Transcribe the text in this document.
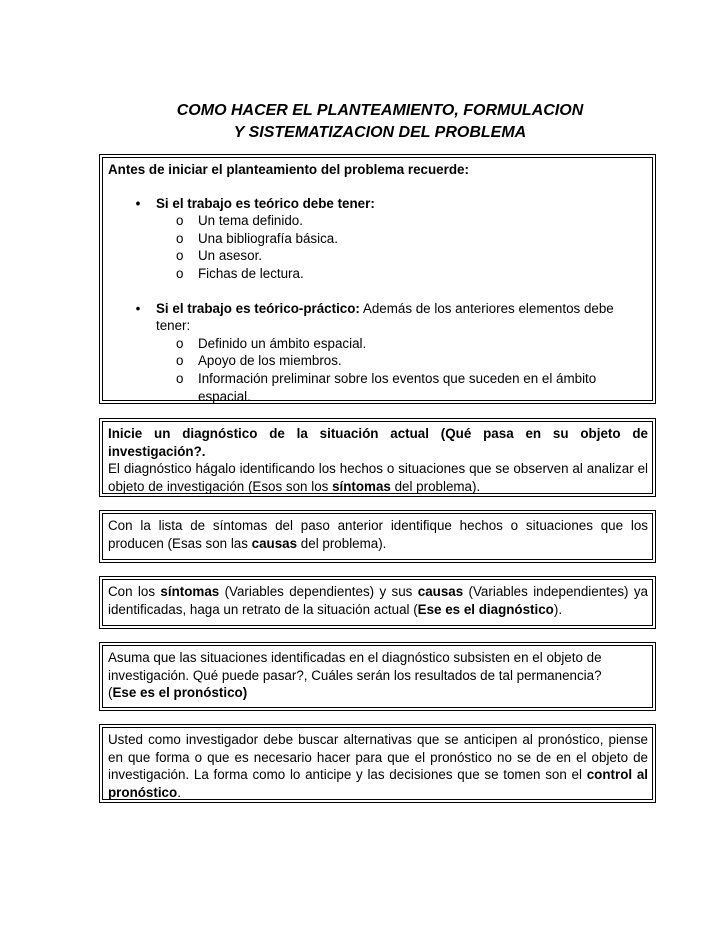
COMO HACER EL PLANTEAMIENTO, FORMULACION
Y SISTEMATIZACION DEL PROBLEMA
Antes de iniciar el planteamiento del problema recuerde:
• Si el trabajo es teórico debe tener:
o Un tema definido.
o Una bibliografía básica.
o Un asesor.
o Fichas de lectura.
• Si el trabajo es teórico-práctico: Además de los anteriores elementos debe
tener:
o Definido un ámbito espacial.
o Apoyo de los miembros.
o Información preliminar sobre los eventos que suceden en el ámbito espacial.
Inicie un diagnóstico de la situación actual (Qué pasa en su objeto de investigación?.
El diagnóstico hágalo identificando los hechos o situaciones que se observen al analizar el objeto de investigación (Esos son los síntomas del problema).
Con la lista de síntomas del paso anterior identifique hechos o situaciones que los producen (Esas son las causas del problema).
Con los síntomas (Variables dependientes) y sus causas (Variables independientes) ya identificadas, haga un retrato de la situación actual (Ese es el diagnóstico).
Asuma que las situaciones identificadas en el diagnóstico subsisten en el objeto de
investigación. Qué puede pasar?, Cuáles serán los resultados de tal permanencia?
(Ese es el pronóstico)
Usted como investigador debe buscar alternativas que se anticipen al pronóstico, piense en que forma o que es necesario hacer para que el pronóstico no se de en el objeto de investigación. La forma como lo anticipe y las decisiones que se tomen son el control al pronóstico.
